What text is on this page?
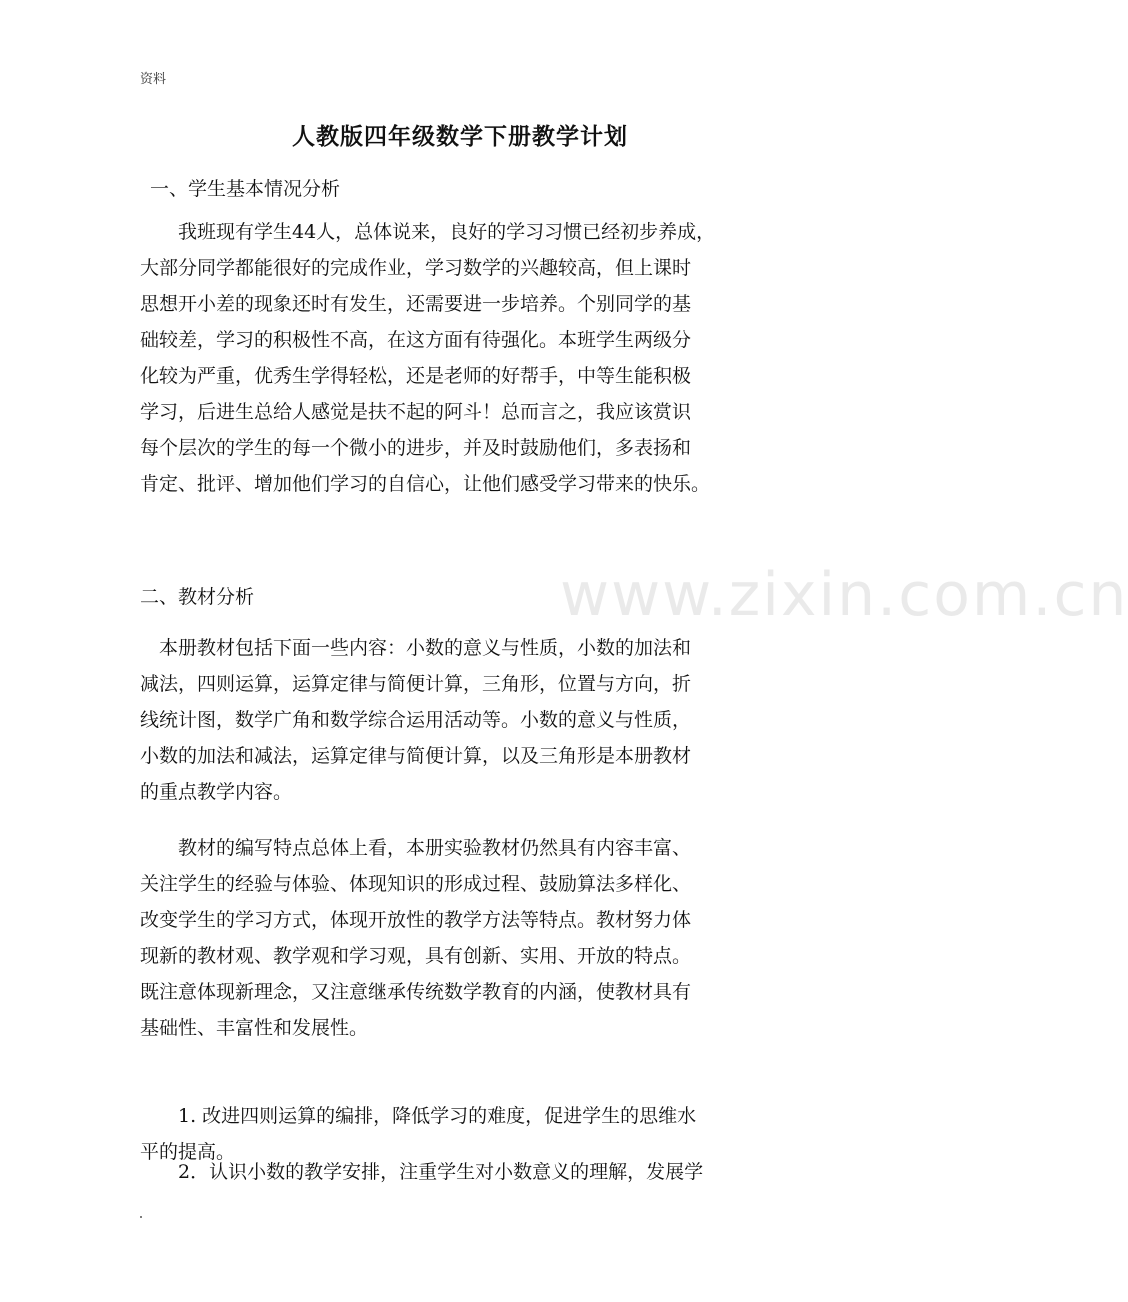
资料
人教版四年级数学下册教学计划
一、学生基本情况分析
　　我班现有学生44人，总体说来，良好的学习习惯已经初步养成，
大部分同学都能很好的完成作业，学习数学的兴趣较高，但上课时
思想开小差的现象还时有发生，还需要进一步培养。个别同学的基
础较差，学习的积极性不高，在这方面有待强化。本班学生两级分
化较为严重，优秀生学得轻松，还是老师的好帮手，中等生能积极
学习，后进生总给人感觉是扶不起的阿斗！总而言之，我应该赏识
每个层次的学生的每一个微小的进步，并及时鼓励他们，多表扬和
肯定、批评、增加他们学习的自信心，让他们感受学习带来的快乐。
二、教材分析
　本册教材包括下面一些内容：小数的意义与性质，小数的加法和
减法，四则运算，运算定律与简便计算，三角形，位置与方向，折
线统计图，数学广角和数学综合运用活动等。小数的意义与性质，
小数的加法和减法，运算定律与简便计算，以及三角形是本册教材
的重点教学内容。
　　教材的编写特点总体上看，本册实验教材仍然具有内容丰富、
关注学生的经验与体验、体现知识的形成过程、鼓励算法多样化、
改变学生的学习方式，体现开放性的教学方法等特点。教材努力体
现新的教材观、教学观和学习观，具有创新、实用、开放的特点。
既注意体现新理念，又注意继承传统数学教育的内涵，使教材具有
基础性、丰富性和发展性。
　　1. 改进四则运算的编排，降低学习的难度，促进学生的思维水
平的提高。
　　2．认识小数的教学安排，注重学生对小数意义的理解，发展学
www.zixin.com.cn
